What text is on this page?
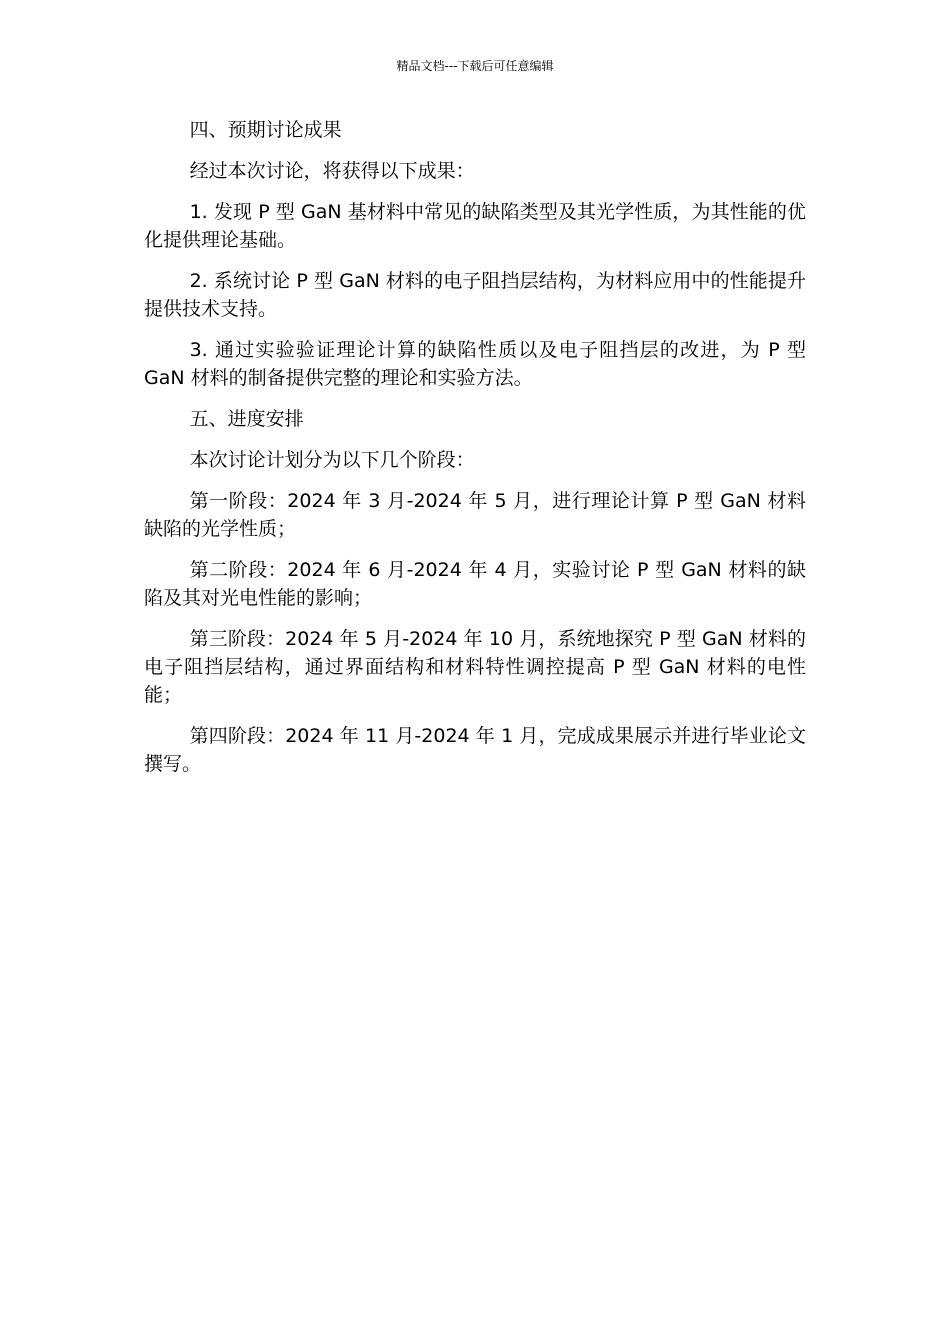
精品文档---下载后可任意编辑

四、预期讨论成果

经过本次讨论，将获得以下成果：

1. 发现 P 型 GaN 基材料中常见的缺陷类型及其光学性质，为其性能的优化提供理论基础。

2. 系统讨论 P 型 GaN 材料的电子阻挡层结构，为材料应用中的性能提升提供技术支持。

3. 通过实验验证理论计算的缺陷性质以及电子阻挡层的改进，为 P 型 GaN 材料的制备提供完整的理论和实验方法。

五、进度安排

本次讨论计划分为以下几个阶段：

第一阶段：2024 年 3 月-2024 年 5 月，进行理论计算 P 型 GaN 材料缺陷的光学性质；

第二阶段：2024 年 6 月-2024 年 4 月，实验讨论 P 型 GaN 材料的缺陷及其对光电性能的影响；

第三阶段：2024 年 5 月-2024 年 10 月，系统地探究 P 型 GaN 材料的电子阻挡层结构，通过界面结构和材料特性调控提高 P 型 GaN 材料的电性能；

第四阶段：2024 年 11 月-2024 年 1 月，完成成果展示并进行毕业论文撰写。
